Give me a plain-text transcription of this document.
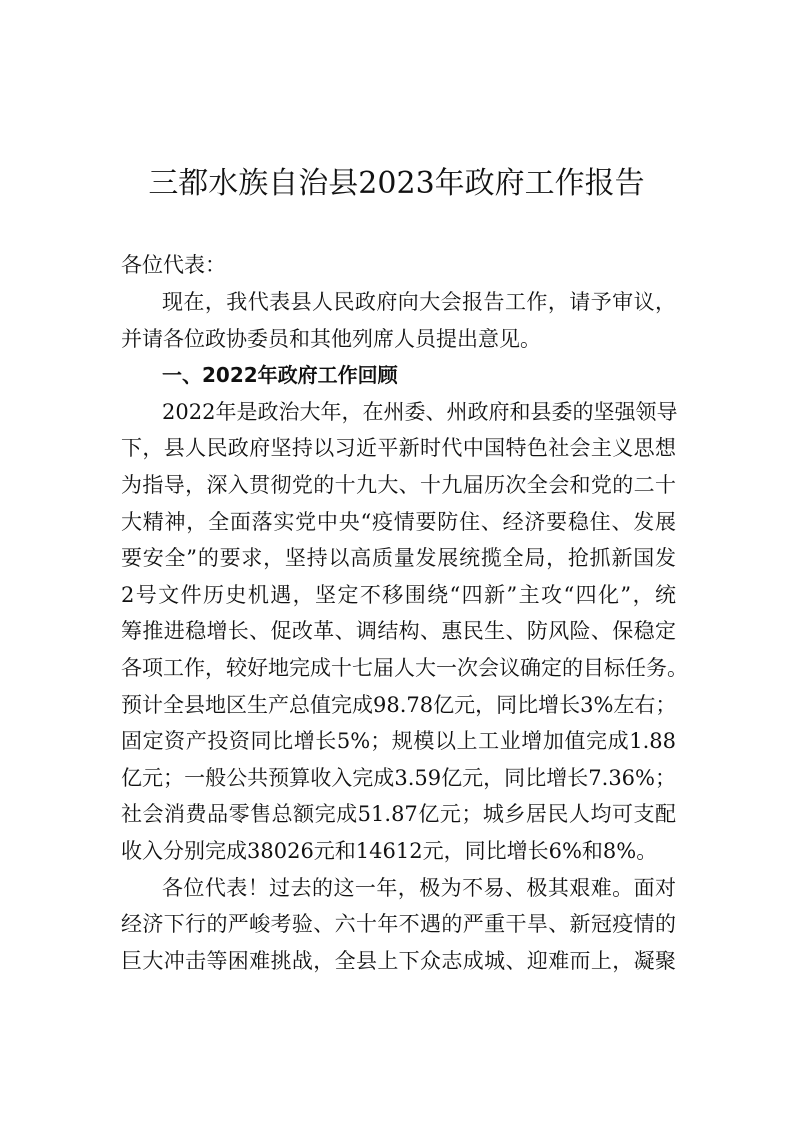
三都水族自治县2023年政府工作报告
各位代表：
现在，我代表县人民政府向大会报告工作，请予审议，
并请各位政协委员和其他列席人员提出意见。
一、2022年政府工作回顾
2022年是政治大年，在州委、州政府和县委的坚强领导
下，县人民政府坚持以习近平新时代中国特色社会主义思想
为指导，深入贯彻党的十九大、十九届历次全会和党的二十
大精神，全面落实党中央“疫情要防住、经济要稳住、发展
要安全”的要求，坚持以高质量发展统揽全局，抢抓新国发
2号文件历史机遇，坚定不移围绕“四新”主攻“四化”，统
筹推进稳增长、促改革、调结构、惠民生、防风险、保稳定
各项工作，较好地完成十七届人大一次会议确定的目标任务。
预计全县地区生产总值完成98.78亿元，同比增长3%左右；
固定资产投资同比增长5%；规模以上工业增加值完成1.88
亿元；一般公共预算收入完成3.59亿元，同比增长7.36%；
社会消费品零售总额完成51.87亿元；城乡居民人均可支配
收入分别完成38026元和14612元，同比增长6%和8%。
各位代表！过去的这一年，极为不易、极其艰难。面对
经济下行的严峻考验、六十年不遇的严重干旱、新冠疫情的
巨大冲击等困难挑战，全县上下众志成城、迎难而上，凝聚
